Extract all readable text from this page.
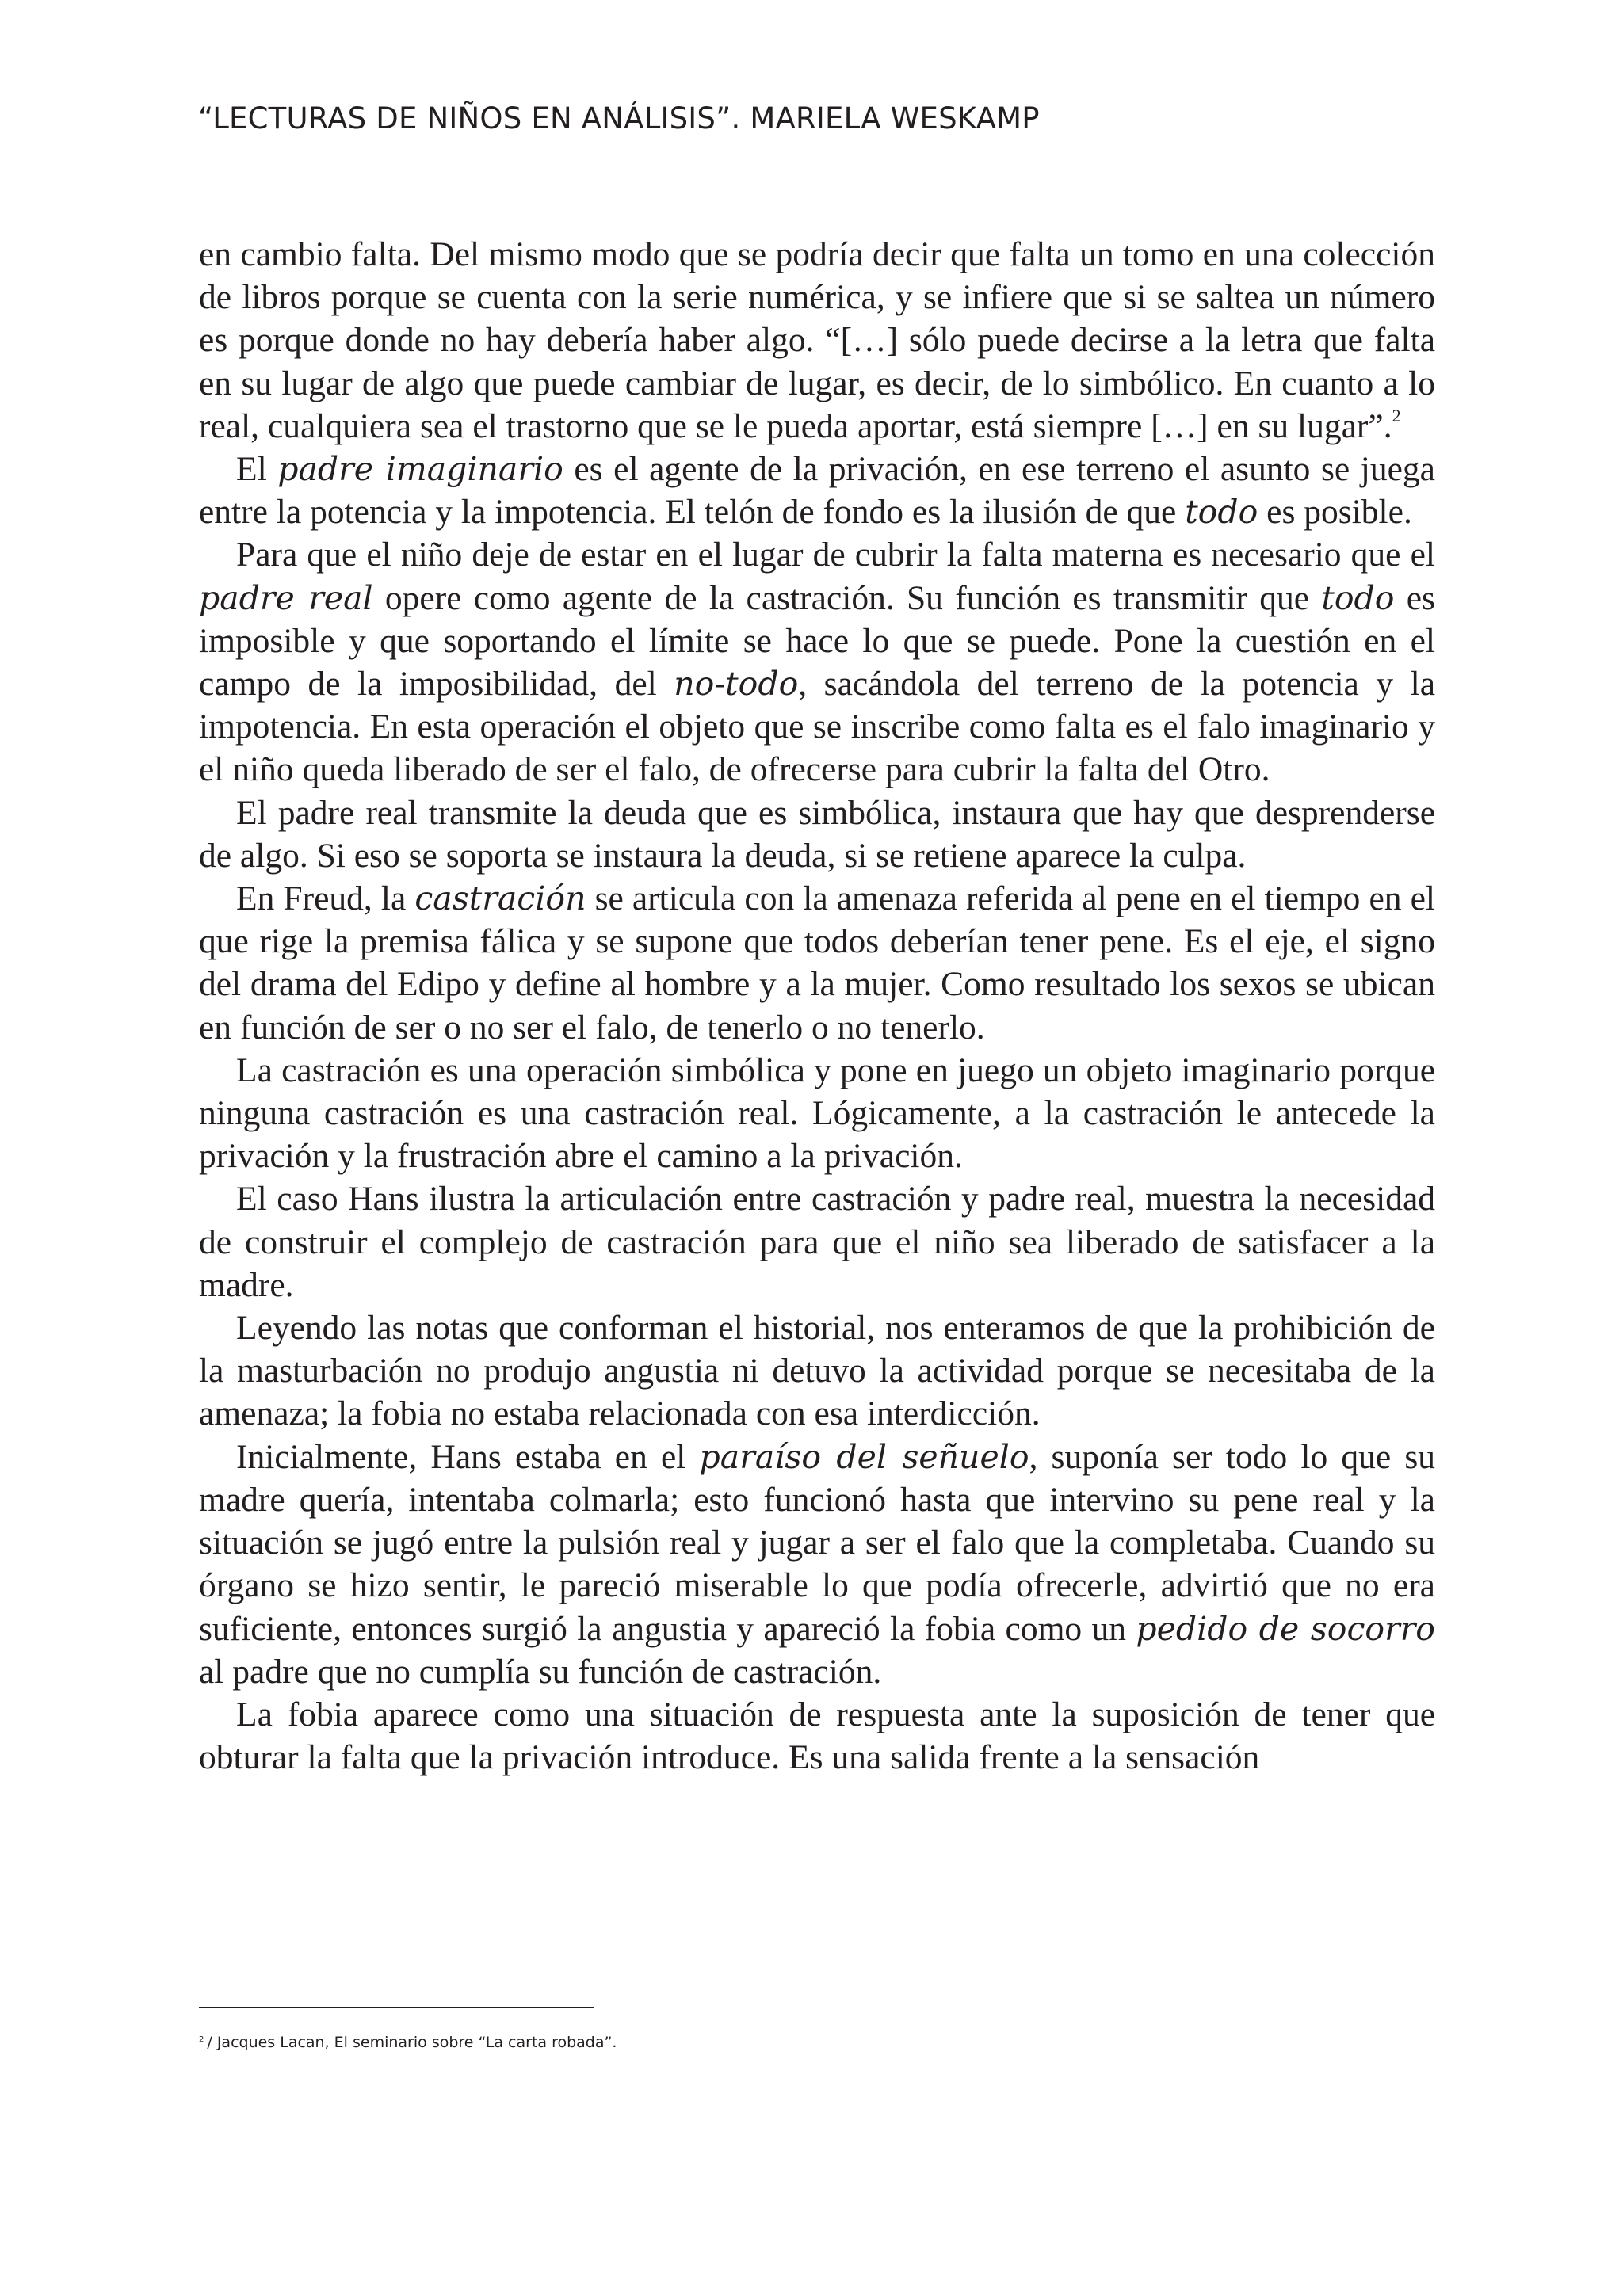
“LECTURAS DE NIÑOS EN ANÁLISIS”. MARIELA WESKAMP

en cambio falta. Del mismo modo que se podría decir que falta un tomo en una colección de libros porque se cuenta con la serie numérica, y se infiere que si se saltea un número es porque donde no hay debería haber algo. “[…] sólo puede decirse a la letra que falta en su lugar de algo que puede cambiar de lugar, es decir, de lo simbólico. En cuanto a lo real, cualquiera sea el trastorno que se le pueda aportar, está siempre […] en su lugar”.$^2$

El padre imaginario es el agente de la privación, en ese terreno el asunto se juega entre la potencia y la impotencia. El telón de fondo es la ilusión de que todo es posible.

Para que el niño deje de estar en el lugar de cubrir la falta materna es necesario que el padre real opere como agente de la castración. Su función es transmitir que todo es imposible y que soportando el límite se hace lo que se puede. Pone la cuestión en el campo de la imposibilidad, del no-todo, sacándola del terreno de la potencia y la impotencia. En esta operación el objeto que se inscribe como falta es el falo imaginario y el niño queda liberado de ser el falo, de ofrecerse para cubrir la falta del Otro.

El padre real transmite la deuda que es simbólica, instaura que hay que desprenderse de algo. Si eso se soporta se instaura la deuda, si se retiene aparece la culpa.

En Freud, la castración se articula con la amenaza referida al pene en el tiempo en el que rige la premisa fálica y se supone que todos deberían tener pene. Es el eje, el signo del drama del Edipo y define al hombre y a la mujer. Como resultado los sexos se ubican en función de ser o no ser el falo, de tenerlo o no tenerlo.

La castración es una operación simbólica y pone en juego un objeto imaginario porque ninguna castración es una castración real. Lógicamente, a la castración le antecede la privación y la frustración abre el camino a la privación.

El caso Hans ilustra la articulación entre castración y padre real, muestra la necesidad de construir el complejo de castración para que el niño sea liberado de satisfacer a la madre.

Leyendo las notas que conforman el historial, nos enteramos de que la prohibición de la masturbación no produjo angustia ni detuvo la actividad porque se necesitaba de la amenaza; la fobia no estaba relacionada con esa interdicción.

Inicialmente, Hans estaba en el paraíso del señuelo, suponía ser todo lo que su madre quería, intentaba colmarla; esto funcionó hasta que intervino su pene real y la situación se jugó entre la pulsión real y jugar a ser el falo que la completaba. Cuando su órgano se hizo sentir, le pareció miserable lo que podía ofrecerle, advirtió que no era suficiente, entonces surgió la angustia y apareció la fobia como un pedido de socorro al padre que no cumplía su función de castración.

La fobia aparece como una situación de respuesta ante la suposición de tener que obturar la falta que la privación introduce. Es una salida frente a la sensación

$^2$ / Jacques Lacan, El seminario sobre “La carta robada”.
